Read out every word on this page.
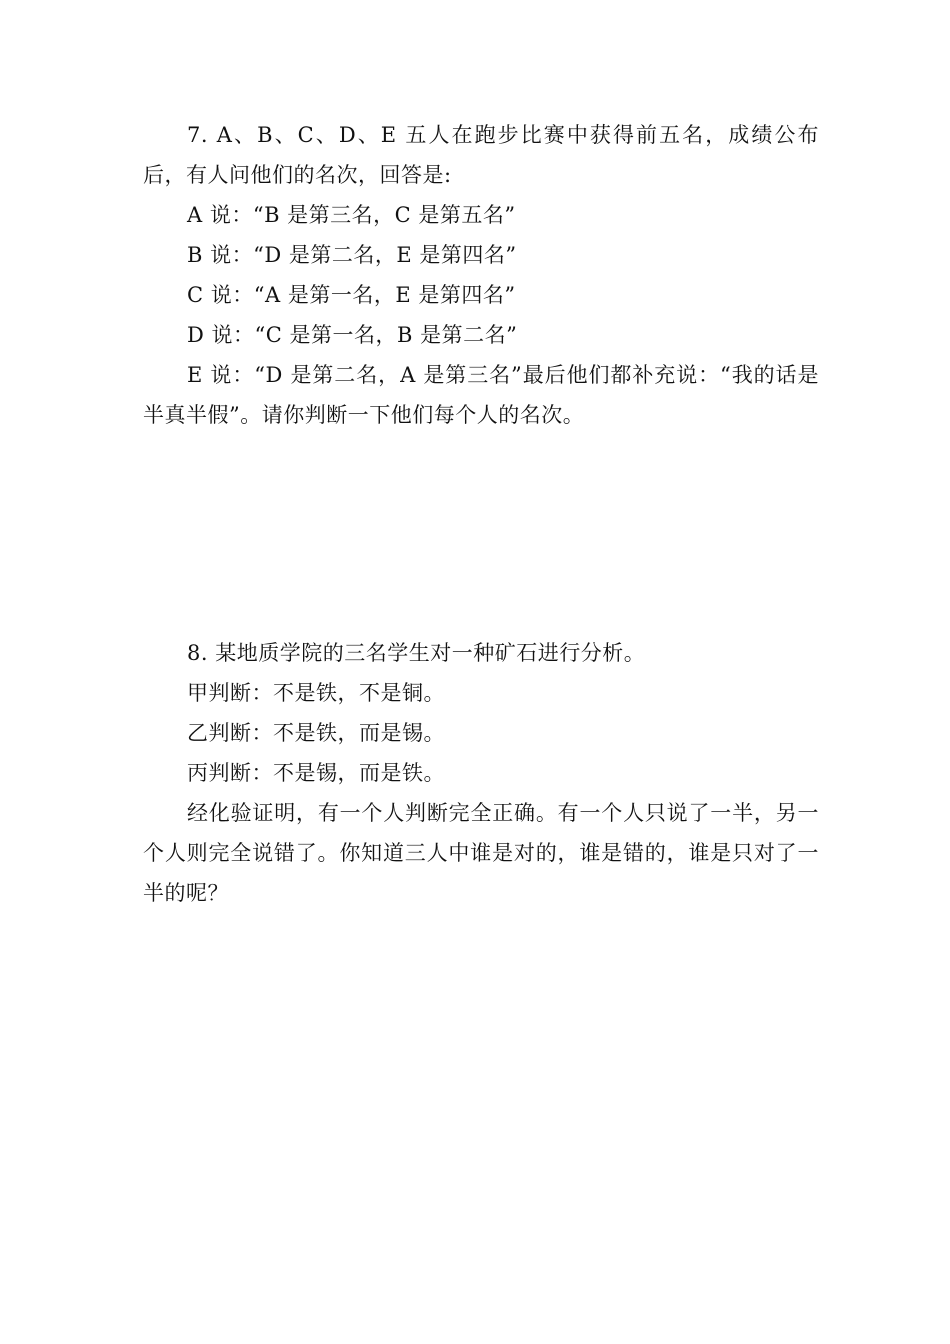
7. A、B、C、D、E 五人在跑步比赛中获得前五名，成绩公布后，有人问他们的名次，回答是:
A 说：“B 是第三名，C 是第五名”
B 说：“D 是第二名，E 是第四名”
C 说：“A 是第一名，E 是第四名”
D 说：“C 是第一名，B 是第二名”
E 说：“D 是第二名，A 是第三名”最后他们都补充说：“我的话是半真半假”。请你判断一下他们每个人的名次。
8. 某地质学院的三名学生对一种矿石进行分析。
甲判断：不是铁，不是铜。
乙判断：不是铁，而是锡。
丙判断：不是锡，而是铁。
经化验证明，有一个人判断完全正确。有一个人只说了一半，另一个人则完全说错了。你知道三人中谁是对的，谁是错的，谁是只对了一半的呢？
